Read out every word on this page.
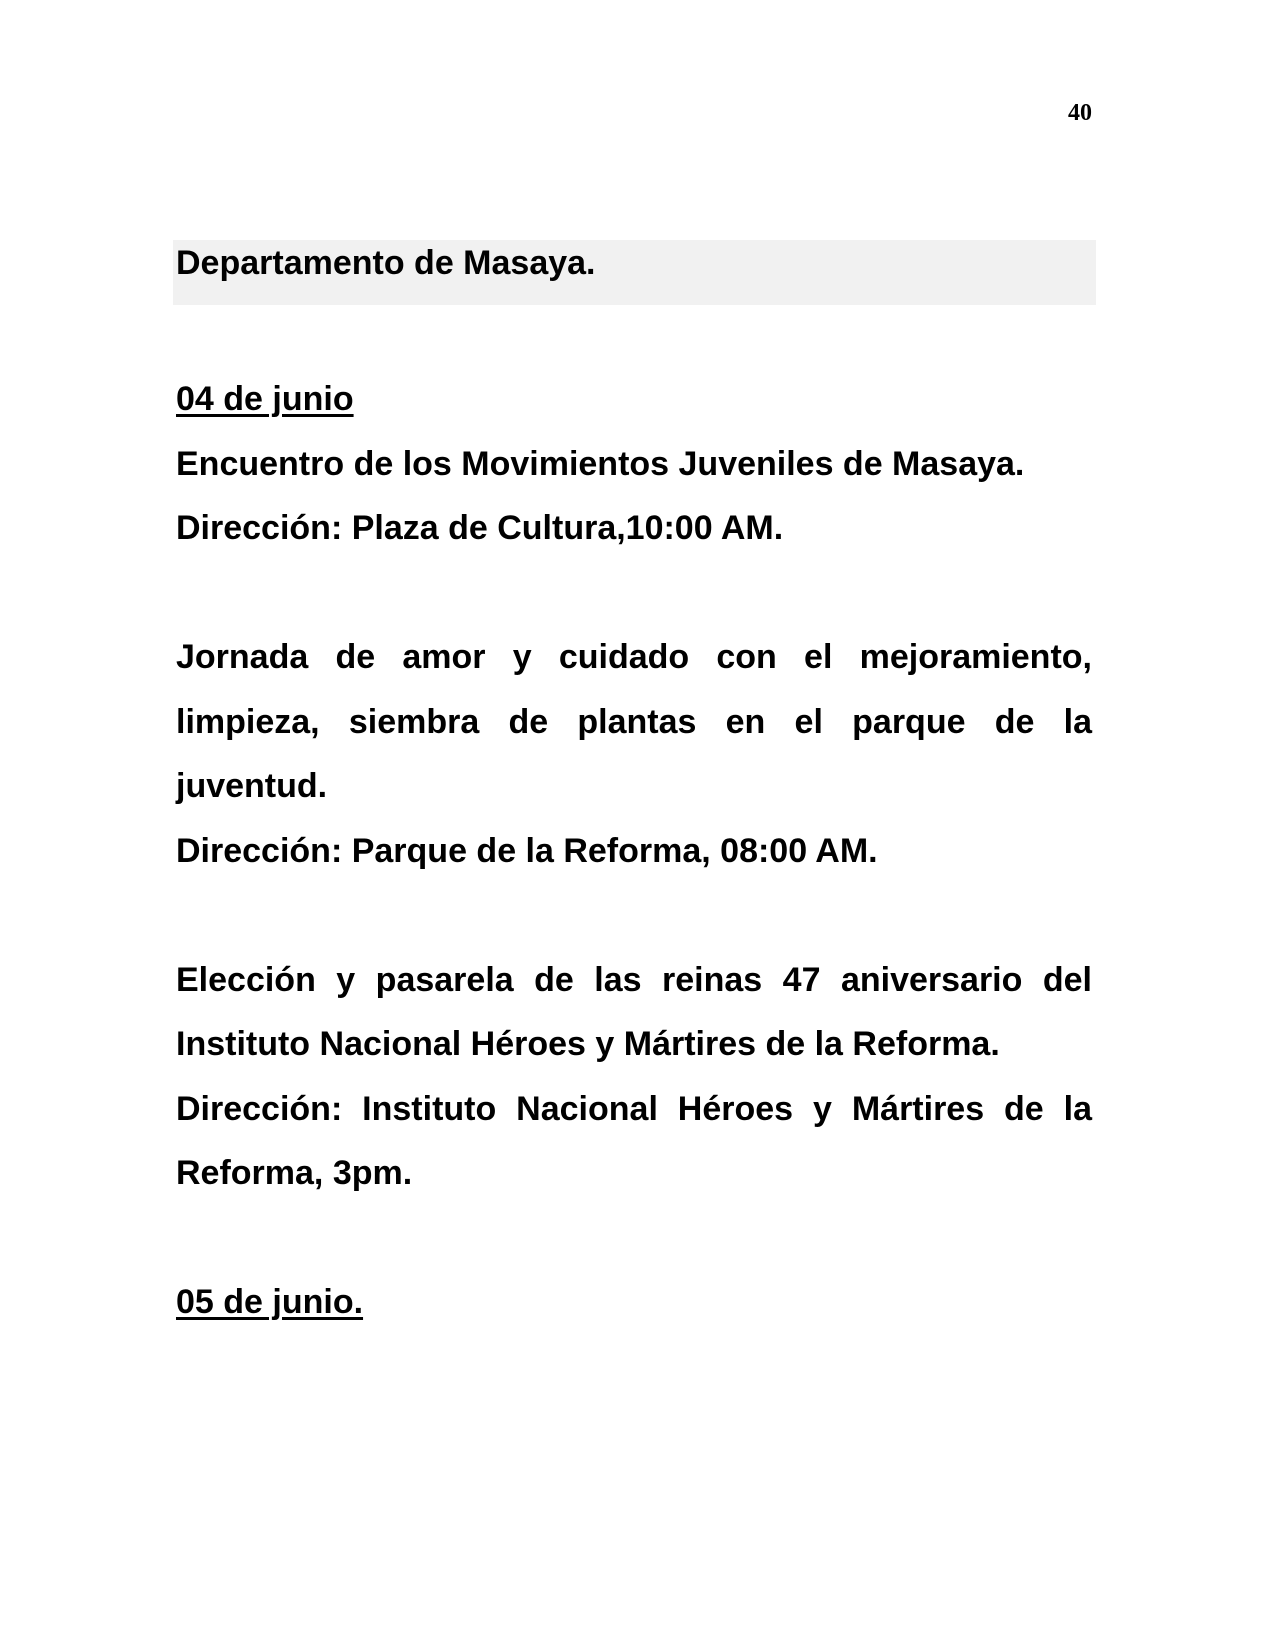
40
Departamento de Masaya.
04 de junio

Encuentro de los Movimientos Juveniles de Masaya.

Dirección: Plaza de Cultura,10:00 AM.

Jornada de amor y cuidado con el mejoramiento, limpieza, siembra de plantas en el parque de la juventud.

Dirección: Parque de la Reforma, 08:00 AM.

Elección y pasarela de las reinas 47 aniversario del Instituto Nacional Héroes y Mártires de la Reforma.

Dirección: Instituto Nacional Héroes y Mártires de la Reforma, 3pm.

05 de junio.
